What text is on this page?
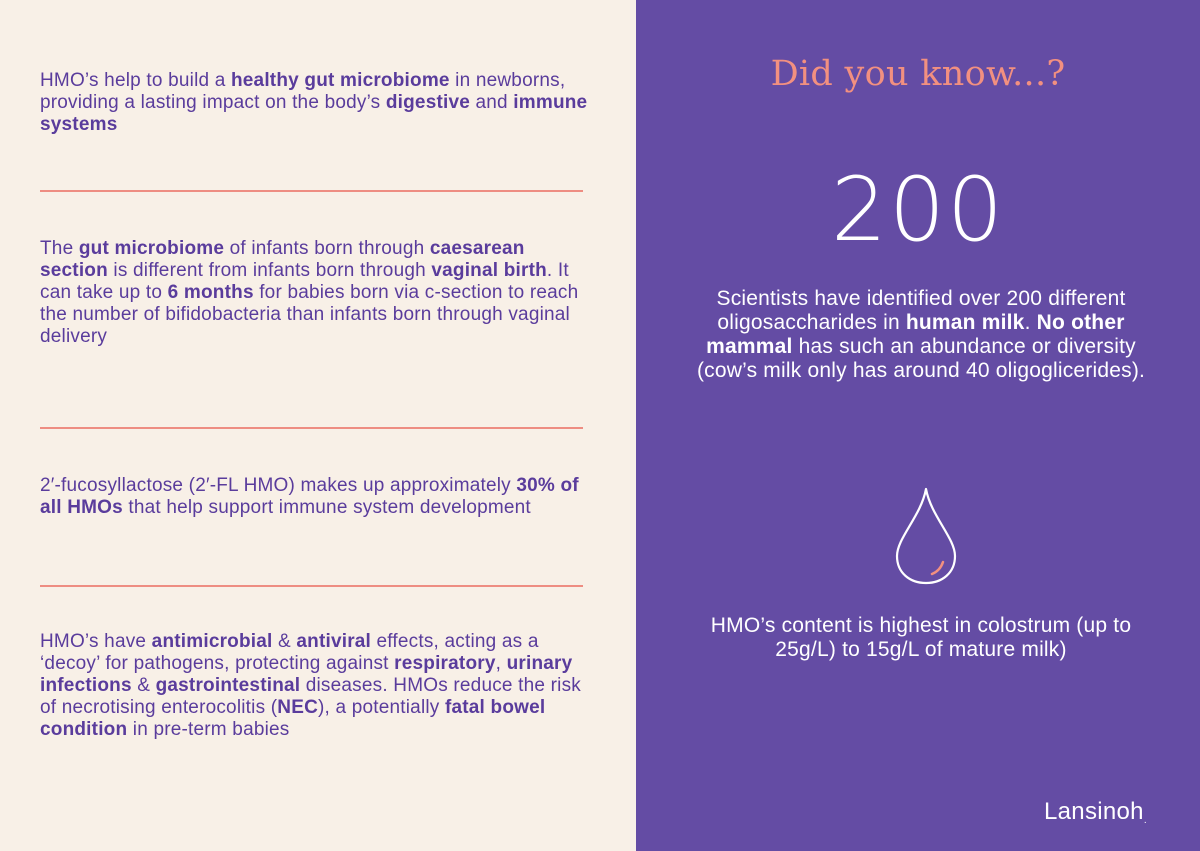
HMO’s help to build a healthy gut microbiome in newborns, providing a lasting impact on the body’s digestive and immune systems

The gut microbiome of infants born through caesarean section is different from infants born through vaginal birth. It can take up to 6 months for babies born via c-section to reach the number of bifidobacteria than infants born through vaginal delivery

2′-fucosyllactose (2′-FL HMO) makes up approximately 30% of all HMOs that help support immune system development

HMO’s have antimicrobial & antiviral effects, acting as a ‘decoy’ for pathogens, protecting against respiratory, urinary infections & gastrointestinal diseases. HMOs reduce the risk of necrotising enterocolitis (NEC), a potentially fatal bowel condition in pre-term babies

Did you know...?
200

Scientists have identified over 200 different oligosaccharides in human milk. No other mammal has such an abundance or diversity (cow’s milk only has around 40 oligoglicerides).

HMO’s content is highest in colostrum (up to 25g/L) to 15g/L of mature milk)

Lansinoh.
